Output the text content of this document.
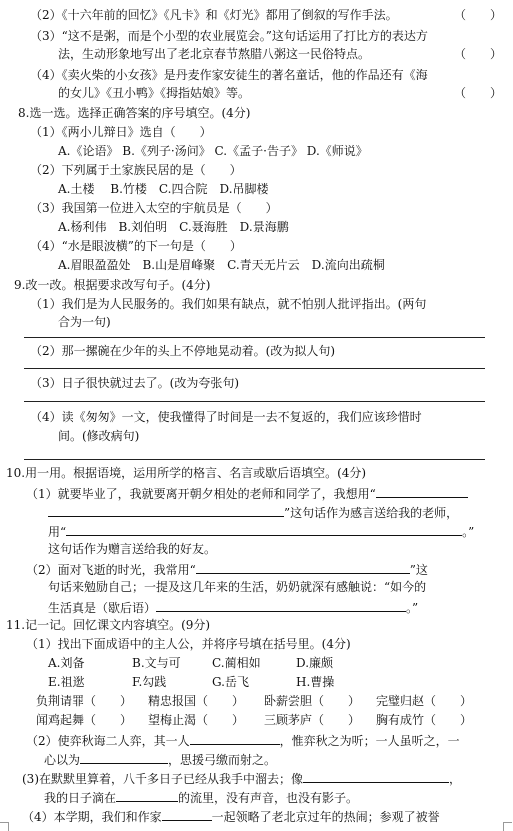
（2）《十六年前的回忆》《凡卡》和《灯光》都用了倒叙的写作手法。	（　　 ）
（3）“这不是粥，而是个小型的农业展览会。”这句话运用了打比方的表达方
法，生动形象地写出了老北京春节熬腊八粥这一民俗特点。	（　　 ）
（4）《卖火柴的小女孩》是丹麦作家安徒生的著名童话，他的作品还有《海
的女儿》《丑小鸭》《拇指姑娘》等。	（　　 ）
8.选一选。选择正确答案的序号填空。(4分)
（1）《两小儿辩日》选自（　　）
A.《论语》 B.《列子·汤问》 C.《孟子·告子》 D.《师说》
（2）下列属于土家族民居的是（　　）
A.土楼　 B.竹楼　C.四合院　D.吊脚楼
（3）我国第一位进入太空的宇航员是（　　）
A.杨利伟　B.刘伯明　C.聂海胜　D.景海鹏
（4）“水是眼波横”的下一句是（　　）
A.眉眼盈盈处　B.山是眉峰聚　C.青天无片云　D.流向出疏桐
9.改一改。根据要求改写句子。(4分)
（1）我们是为人民服务的。我们如果有缺点，就不怕别人批评指出。(两句
合为一句)
（2）那一摞碗在少年的头上不停地晃动着。(改为拟人句)
（3）日子很快就过去了。(改为夸张句)
（4）读《匆匆》一文，使我懂得了时间是一去不复返的，我们应该珍惜时
间。(修改病句)
10.用一用。根据语境，运用所学的格言、名言或歇后语填空。(4分)
（1）就要毕业了，我就要离开朝夕相处的老师和同学了，我想用“
”这句话作为感言送给我的老师，
用“	。”
这句话作为赠言送给我的好友。
（2）面对飞逝的时光，我常用“	”这
句话来勉励自己；一提及这几年来的生活，奶奶就深有感触说：“如今的
生活真是（歇后语）	。”
11.记一记。回忆课文内容填空。(9分)
（1）找出下面成语中的主人公，并将序号填在括号里。(4分)
A.刘备	B.文与可	C.蔺相如	D.廉颇
E.祖逖	F.勾践	G.岳飞	H.曹操
负荆请罪（　　） 精忠报国（　　） 卧薪尝胆（　　） 完璧归赵（　　）
闻鸡起舞（　　） 望梅止渴（　　） 三顾茅庐（　　） 胸有成竹（　　）
（2）使弈秋诲二人弈，其一人	，惟弈秋之为听；一人虽听之，一
心以为	，思援弓缴而射之。
(3)在默默里算着，八千多日子已经从我手中溜去；像	，
我的日子滴在	的流里，没有声音，也没有影子。
（4）本学期，我们和作家	一起领略了老北京过年的热闹；参观了被誉
